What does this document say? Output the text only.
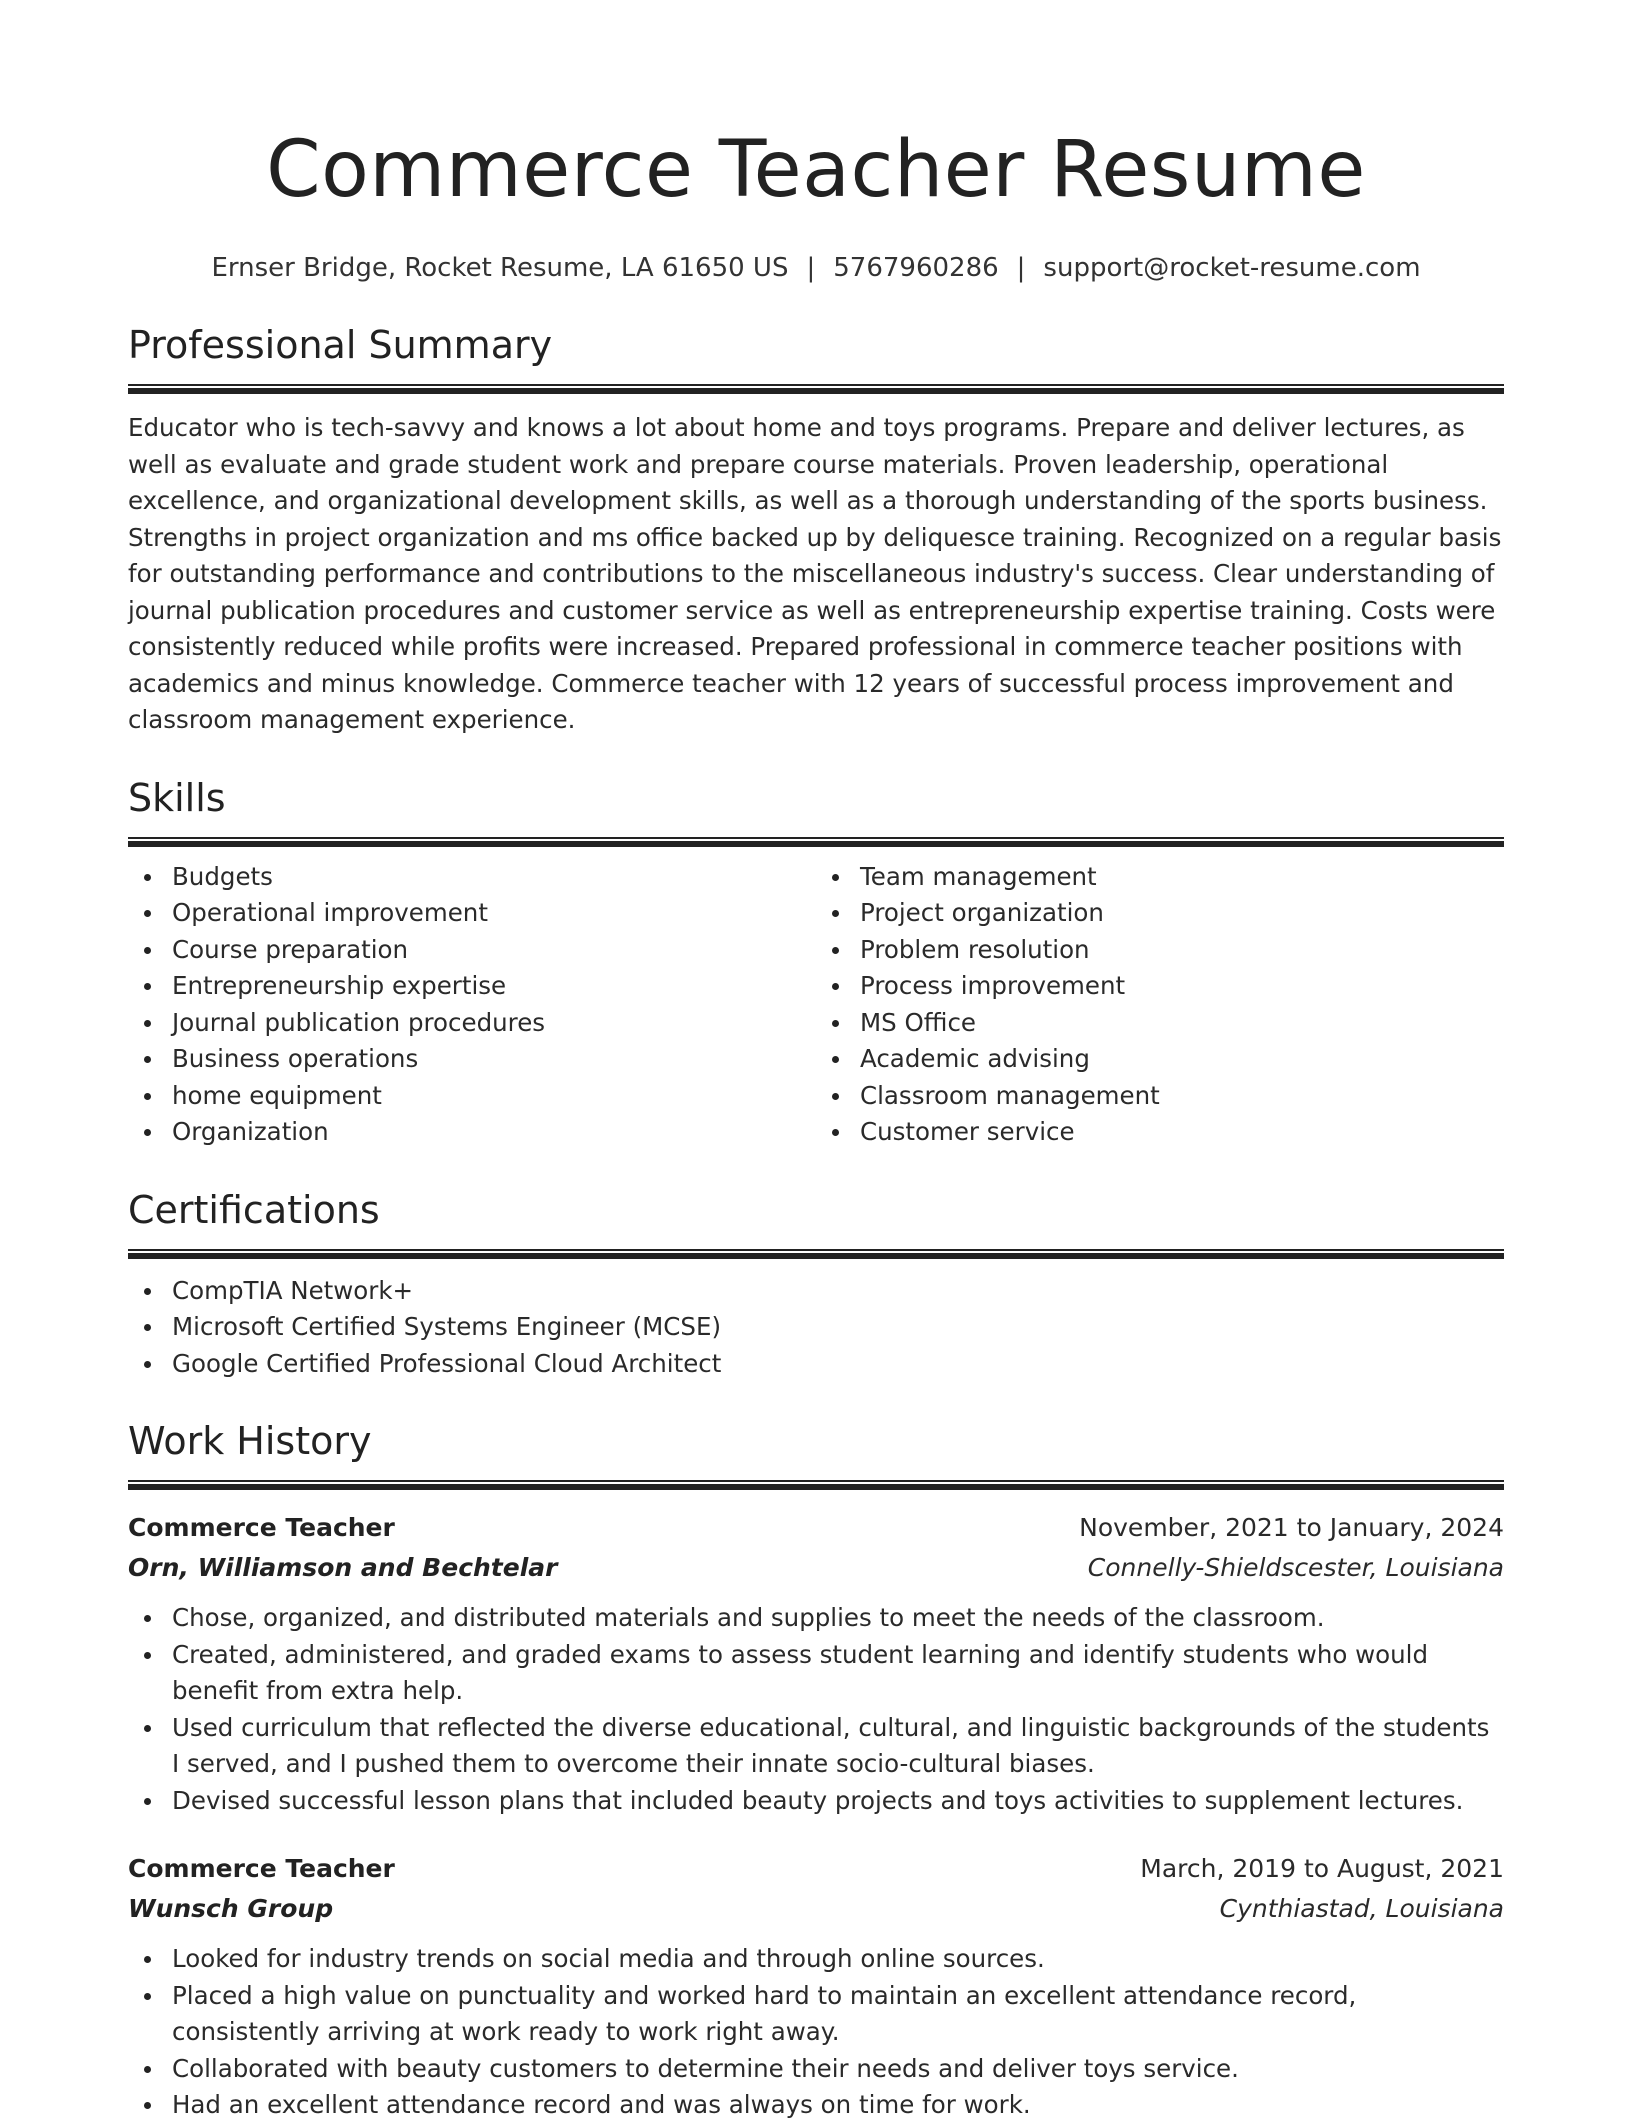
Commerce Teacher Resume
Ernser Bridge, Rocket Resume, LA 61650 US | 5767960286 | support@rocket-resume.com
Professional Summary

Educator who is tech-savvy and knows a lot about home and toys programs. Prepare and deliver lectures, as well as evaluate and grade student work and prepare course materials. Proven leadership, operational excellence, and organizational development skills, as well as a thorough understanding of the sports business. Strengths in project organization and ms office backed up by deliquesce training. Recognized on a regular basis for outstanding performance and contributions to the miscellaneous industry's success. Clear understanding of journal publication procedures and customer service as well as entrepreneurship expertise training. Costs were consistently reduced while profits were increased. Prepared professional in commerce teacher positions with academics and minus knowledge. Commerce teacher with 12 years of successful process improvement and classroom management experience.

Skills
Budgets
Operational improvement
Course preparation
Entrepreneurship expertise
Journal publication procedures
Business operations
home equipment
Organization
Team management
Project organization
Problem resolution
Process improvement
MS Office
Academic advising
Classroom management
Customer service
Certifications
CompTIA Network+
Microsoft Certified Systems Engineer (MCSE)
Google Certified Professional Cloud Architect
Work History
Commerce Teacher	November, 2021 to January, 2024
Orn, Williamson and Bechtelar	Connelly-Shieldscester, Louisiana
Chose, organized, and distributed materials and supplies to meet the needs of the classroom.
Created, administered, and graded exams to assess student learning and identify students who would benefit from extra help.
Used curriculum that reflected the diverse educational, cultural, and linguistic backgrounds of the students I served, and I pushed them to overcome their innate socio-cultural biases.
Devised successful lesson plans that included beauty projects and toys activities to supplement lectures.
Commerce Teacher	March, 2019 to August, 2021
Wunsch Group	Cynthiastad, Louisiana
Looked for industry trends on social media and through online sources.
Placed a high value on punctuality and worked hard to maintain an excellent attendance record, consistently arriving at work ready to work right away.
Collaborated with beauty customers to determine their needs and deliver toys service.
Had an excellent attendance record and was always on time for work.
